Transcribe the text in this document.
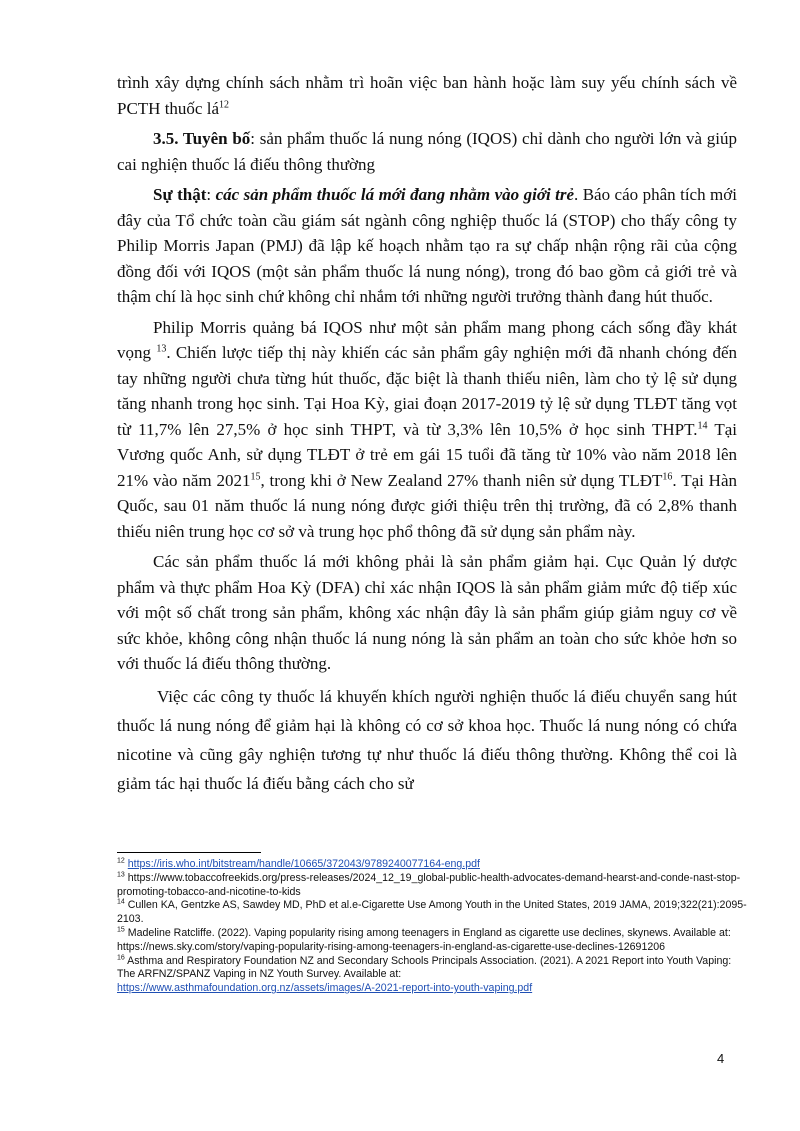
trình xây dựng chính sách nhằm trì hoãn việc ban hành hoặc làm suy yếu chính sách về PCTH thuốc $lá^{12}$

3.5. Tuyên bố: sản phẩm thuốc lá nung nóng (IQOS) chỉ dành cho người lớn và giúp cai nghiện thuốc lá điếu thông thường

Sự thật: các sản phẩm thuốc lá mới đang nhằm vào giới trẻ. Báo cáo phân tích mới đây của Tổ chức toàn cầu giám sát ngành công nghiệp thuốc lá (STOP) cho thấy công ty Philip Morris Japan (PMJ) đã lập kế hoạch nhằm tạo ra sự chấp nhận rộng rãi của cộng đồng đối với IQOS (một sản phẩm thuốc lá nung nóng), trong đó bao gồm cả giới trẻ và thậm chí là học sinh chứ không chỉ nhắm tới những người trưởng thành đang hút thuốc.

Philip Morris quảng bá IQOS như một sản phẩm mang phong cách sống đầy khát vọng $^{13}$. Chiến lược tiếp thị này khiến các sản phẩm gây nghiện mới đã nhanh chóng đến tay những người chưa từng hút thuốc, đặc biệt là thanh thiếu niên, làm cho tỷ lệ sử dụng tăng nhanh trong học sinh. Tại Hoa Kỳ, giai đoạn 2017-2019 tỷ lệ sử dụng TLĐT tăng vọt từ 11,7% lên 27,5% ở học sinh THPT, và từ 3,3% lên 10,5% ở học sinh THPT.$^{14}$ Tại Vương quốc Anh, sử dụng TLĐT ở trẻ em gái 15 tuổi đã tăng từ 10% vào năm 2018 lên 21% vào năm 2021$^{15}$, trong khi ở New Zealand 27% thanh niên sử dụng TLĐT$^{16}$. Tại Hàn Quốc, sau 01 năm thuốc lá nung nóng được giới thiệu trên thị trường, đã có 2,8% thanh thiếu niên trung học cơ sở và trung học phổ thông đã sử dụng sản phẩm này.

Các sản phẩm thuốc lá mới không phải là sản phẩm giảm hại. Cục Quản lý dược phẩm và thực phẩm Hoa Kỳ (DFA) chỉ xác nhận IQOS là sản phẩm giảm mức độ tiếp xúc với một số chất trong sản phẩm, không xác nhận đây là sản phẩm giúp giảm nguy cơ về sức khỏe, không công nhận thuốc lá nung nóng là sản phẩm an toàn cho sức khỏe hơn so với thuốc lá điếu thông thường.

Việc các công ty thuốc lá khuyến khích người nghiện thuốc lá điếu chuyển sang hút thuốc lá nung nóng để giảm hại là không có cơ sở khoa học. Thuốc lá nung nóng có chứa nicotine và cũng gây nghiện tương tự như thuốc lá điếu thông thường. Không thể coi là giảm tác hại thuốc lá điếu bằng cách cho sử

$^{12}$ https://iris.who.int/bitstream/handle/10665/372043/9789240077164-eng.pdf

$^{13}$ https://www.tobaccofreekids.org/press-releases/2024_12_19_global-public-health-advocates-demand-hearst-and-conde-nast-stop-promoting-tobacco-and-nicotine-to-kids

$^{14}$ Cullen KA, Gentzke AS, Sawdey MD, PhD et al.e-Cigarette Use Among Youth in the United States, 2019 JAMA, 2019;322(21):2095-2103.

$^{15}$ Madeline Ratcliffe. (2022). Vaping popularity rising among teenagers in England as cigarette use declines, skynews. Available at: https://news.sky.com/story/vaping-popularity-rising-among-teenagers-in-england-as-cigarette-use-declines-12691206

$^{16}$ Asthma and Respiratory Foundation NZ and Secondary Schools Principals Association. (2021). A 2021 Report into Youth Vaping: The ARFNZ/SPANZ Vaping in NZ Youth Survey. Available at:
https://www.asthmafoundation.org.nz/assets/images/A-2021-report-into-youth-vaping.pdf

4
